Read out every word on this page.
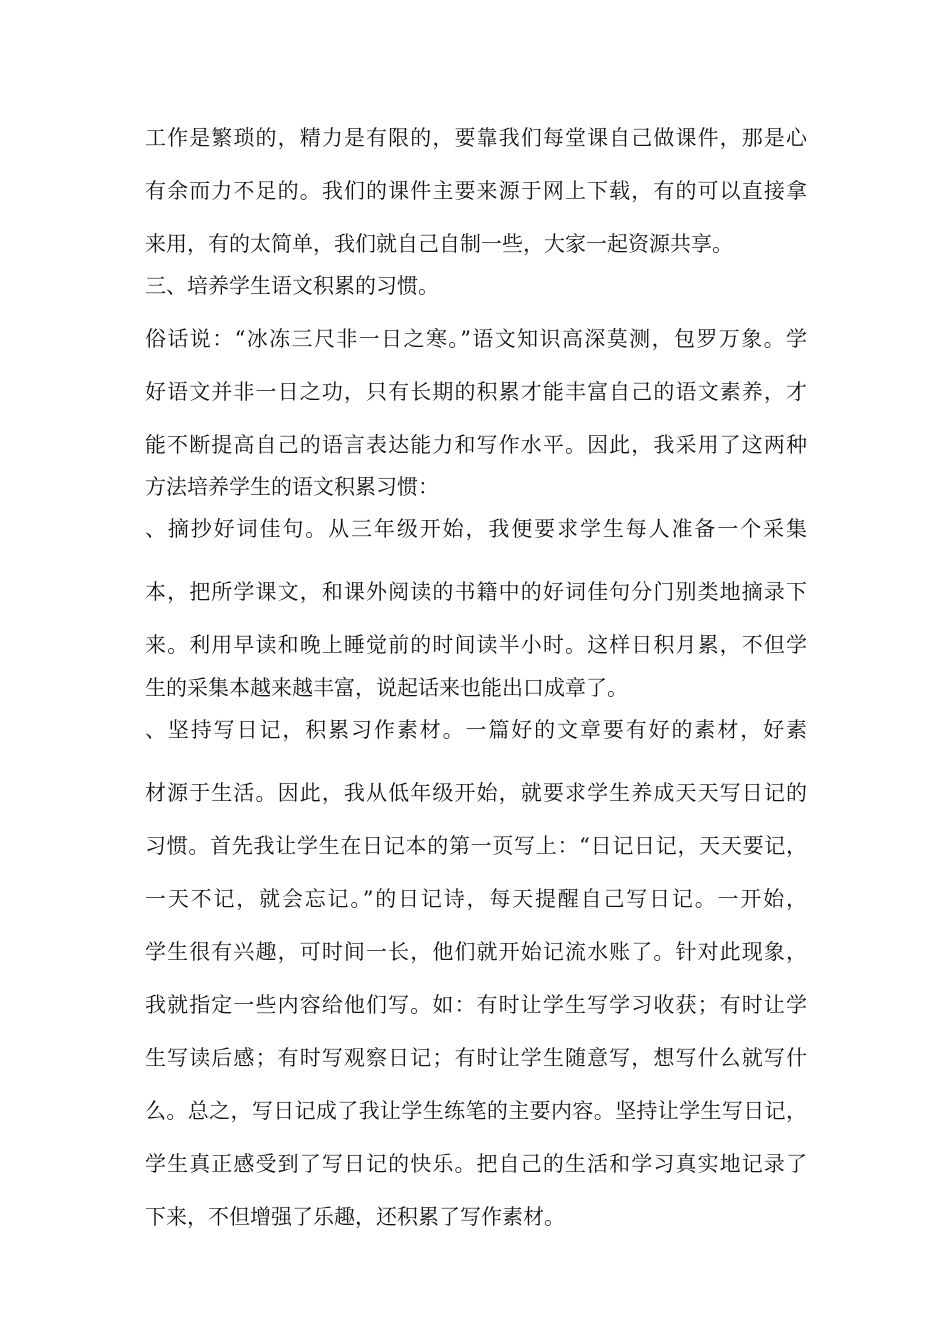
工作是繁琐的，精力是有限的，要靠我们每堂课自己做课件，那是心
有余而力不足的。我们的课件主要来源于网上下载，有的可以直接拿
来用，有的太简单，我们就自己自制一些，大家一起资源共享。
三、培养学生语文积累的习惯。
俗话说：“冰冻三尺非一日之寒。”语文知识高深莫测，包罗万象。学
好语文并非一日之功，只有长期的积累才能丰富自己的语文素养，才
能不断提高自己的语言表达能力和写作水平。因此，我采用了这两种
方法培养学生的语文积累习惯：
、摘抄好词佳句。从三年级开始，我便要求学生每人准备一个采集
本，把所学课文，和课外阅读的书籍中的好词佳句分门别类地摘录下
来。利用早读和晚上睡觉前的时间读半小时。这样日积月累，不但学
生的采集本越来越丰富，说起话来也能出口成章了。
、坚持写日记，积累习作素材。一篇好的文章要有好的素材，好素
材源于生活。因此，我从低年级开始，就要求学生养成天天写日记的
习惯。首先我让学生在日记本的第一页写上：“日记日记，天天要记，
一天不记，就会忘记。”的日记诗，每天提醒自己写日记。一开始，
学生很有兴趣，可时间一长，他们就开始记流水账了。针对此现象，
我就指定一些内容给他们写。如：有时让学生写学习收获；有时让学
生写读后感；有时写观察日记；有时让学生随意写，想写什么就写什
么。总之，写日记成了我让学生练笔的主要内容。坚持让学生写日记，
学生真正感受到了写日记的快乐。把自己的生活和学习真实地记录了
下来，不但增强了乐趣，还积累了写作素材。
